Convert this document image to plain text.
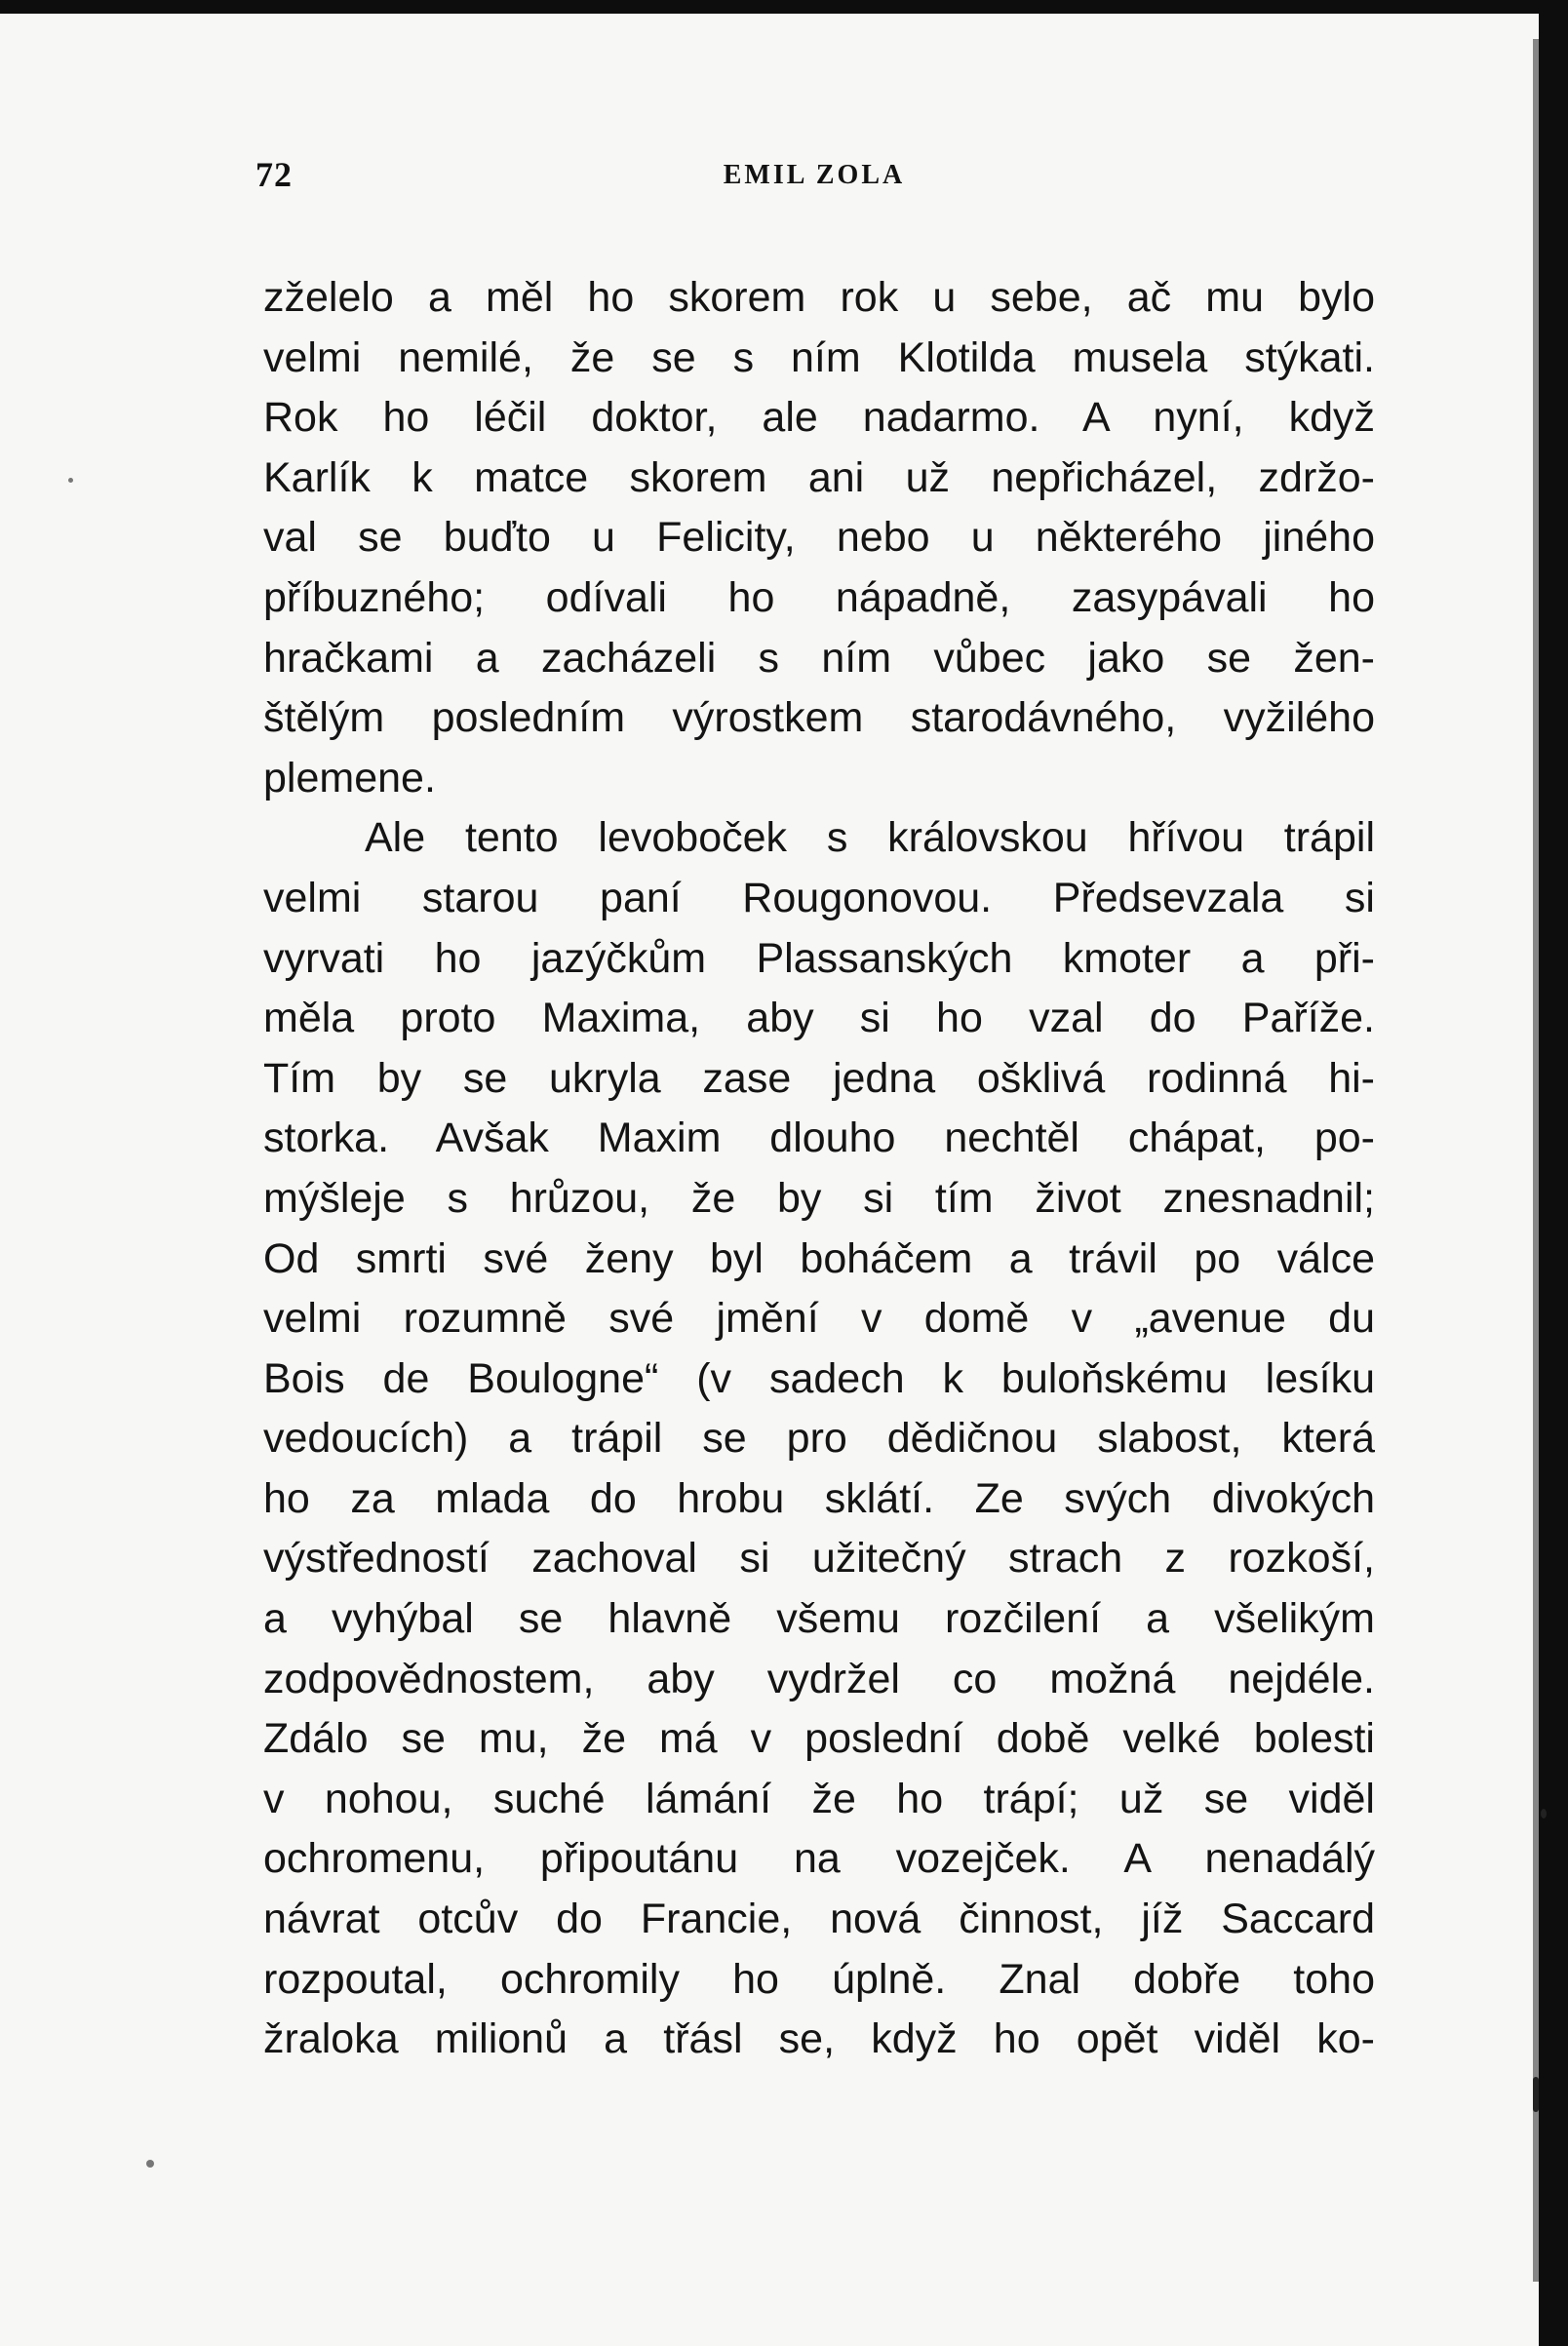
72	EMIL ZOLA
zželelo a měl ho skorem rok u sebe, ač mu bylo
velmi nemilé, že se s ním Klotilda musela stýkati.
Rok ho léčil doktor, ale nadarmo. A nyní, když
Karlík k matce skorem ani už nepřicházel, zdržo-
val se buďto u Felicity, nebo u některého jiného
příbuzného; odívali ho nápadně, zasypávali ho
hračkami a zacházeli s ním vůbec jako se žen-
štělým posledním výrostkem starodávného, vyžilého
plemene.
Ale tento levoboček s královskou hřívou trápil
velmi starou paní Rougonovou. Předsevzala si
vyrvati ho jazýčkům Plassanských kmoter a při-
měla proto Maxima, aby si ho vzal do Paříže.
Tím by se ukryla zase jedna ošklivá rodinná hi-
storka. Avšak Maxim dlouho nechtěl chápat, po-
mýšleje s hrůzou, že by si tím život znesnadnil;
Od smrti své ženy byl boháčem a trávil po válce
velmi rozumně své jmění v domě v „avenue du
Bois de Boulogne“ (v sadech k buloňskému lesíku
vedoucích) a trápil se pro dědičnou slabost, která
ho za mlada do hrobu sklátí. Ze svých divokých
výstředností zachoval si užitečný strach z rozkoší,
a vyhýbal se hlavně všemu rozčilení a všelikým
zodpovědnostem, aby vydržel co možná nejdéle.
Zdálo se mu, že má v poslední době velké bolesti
v nohou, suché lámání že ho trápí; už se viděl
ochromenu, připoutánu na vozejček. A nenadálý
návrat otcův do Francie, nová činnost, jíž Saccard
rozpoutal, ochromily ho úplně. Znal dobře toho
žraloka milionů a třásl se, když ho opět viděl ko-
